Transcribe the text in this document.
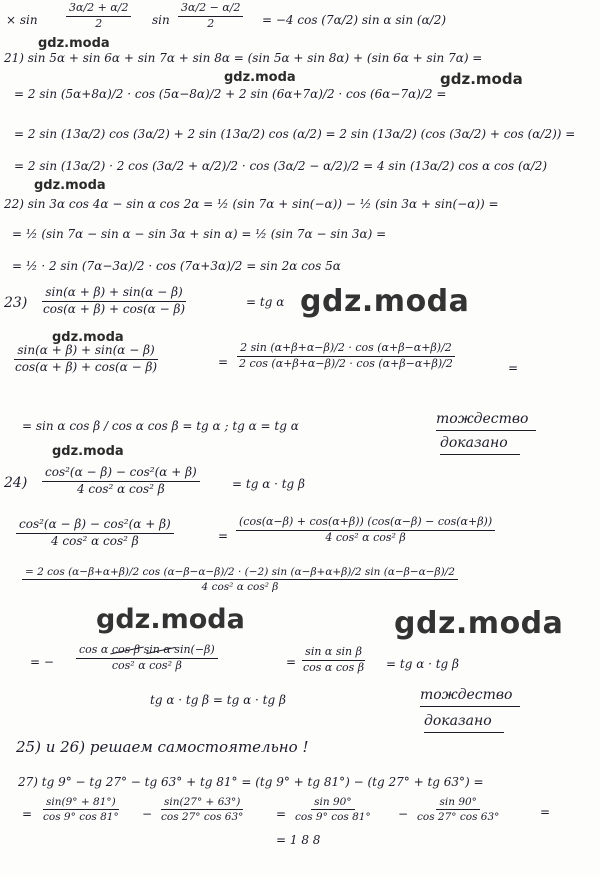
× sin	$\frac{3\alpha/2 + \alpha/2}{2}$ $\sin \frac{3\alpha/2 - \alpha/2}{2} = -4$ cos (7α/2) sin α sin (α/2)
gdz.moda
gdz.moda	gdz.moda
21) sin 5α + sin 6α + sin 7α + sin 8α = (sin 5α + sin 8α) + (sin 6α + sin 7α) =
= 2 sin (5α+8α)/2 · cos (5α−8α)/2 + 2 sin (6α+7α)/2 · cos (6α−7α)/2 =
= 2 sin (13α/2) cos (3α/2) + 2 sin (13α/2) cos (α/2) = 2 sin (13α/2) (cos (3α/2) + cos (α/2)) =
= 2 sin (13α/2) · 2 cos (3α/2 + α/2)/2 · cos (3α/2 − α/2)/2 = 4 sin (13α/2) cos α cos (α/2)
gdz.moda
22) sin 3α cos 4α − sin α cos 2α = ½ (sin 7α + sin(−α)) − ½ (sin 3α + sin(−α)) =
= ½ (sin 7α − sin α − sin 3α + sin α) = ½ (sin 7α − sin 3α) =
= ½ · 2 sin (7α−3α)/2 · cos (7α+3α)/2 = sin 2α cos 5α
$23) \frac{\sin(\alpha + \beta) + \sin(\alpha - \beta)}{\cos(\alpha + \beta) + \cos(\alpha - \beta)}$	= tg α gdz.moda
gdz.moda
$\frac{\sin(\alpha + \beta) + \sin(\alpha - \beta)}{\cos(\alpha + \beta) + \cos(\alpha - \beta)}$	= $\frac{2 \sin (\alpha+\beta+\alpha-\beta)/2 \cdot \cos (\alpha+\beta-\alpha+\beta)/2}{2 \cos (\alpha+\beta+\alpha-\beta)/2 \cdot \cos (\alpha+\beta-\alpha+\beta)/2}$	=
= sin α cos β / cos α cos β = tg α ; tg α = tg α	тождество
доказано
gdz.moda
$24) \frac{\text{cos²(α − β) − cos²(α + β)}}{\text{4 cos² α cos² β}}$	= tg α · tg β
$\frac{\text{cos²(α − β) − cos²(α + β)}}{\text{4 cos² α cos² β}}$	= $\frac{(\cos(\alpha-\beta) + \cos(\alpha+\beta)) (\cos(\alpha-\beta) - \cos(\alpha+\beta))}{\text{4 cos² α cos² β}}$
= 2 cos (α−β+α+β)/2 cos (α−β−α−β)/2 · (−2) sin (α−β+α+β)/2 sin (α−β−α−β)/2
4 cos² α cos² β
gdz.moda	gdz.moda
= − $\frac{\text{cos α cos β sin α sin(−β)}}{\text{cos² α cos² β}}$	= $\frac{\text{sin α sin β}}{\text{cos α cos β}}$ = tg α · tg β
tg α · tg β = tg α · tg β	тождество
доказано
25) и 26) решаем самостоятельно !
27) tg 9° − tg 27° − tg 63° + tg 81° = (tg 9° + tg 81°) − (tg 27° + tg 63°) =
= $\frac{\sin(9^\circ + 81^\circ)}{\cos 9^\circ \cos 81^\circ} - \frac{\sin(27^\circ + 63^\circ)}{\cos 27^\circ \cos 63^\circ} = \frac{\sin 90^\circ}{\cos 9^\circ \cos 81^\circ} - \frac{\sin 90^\circ}{\cos 27^\circ \cos 63^\circ}$	=
= 1 8 8
